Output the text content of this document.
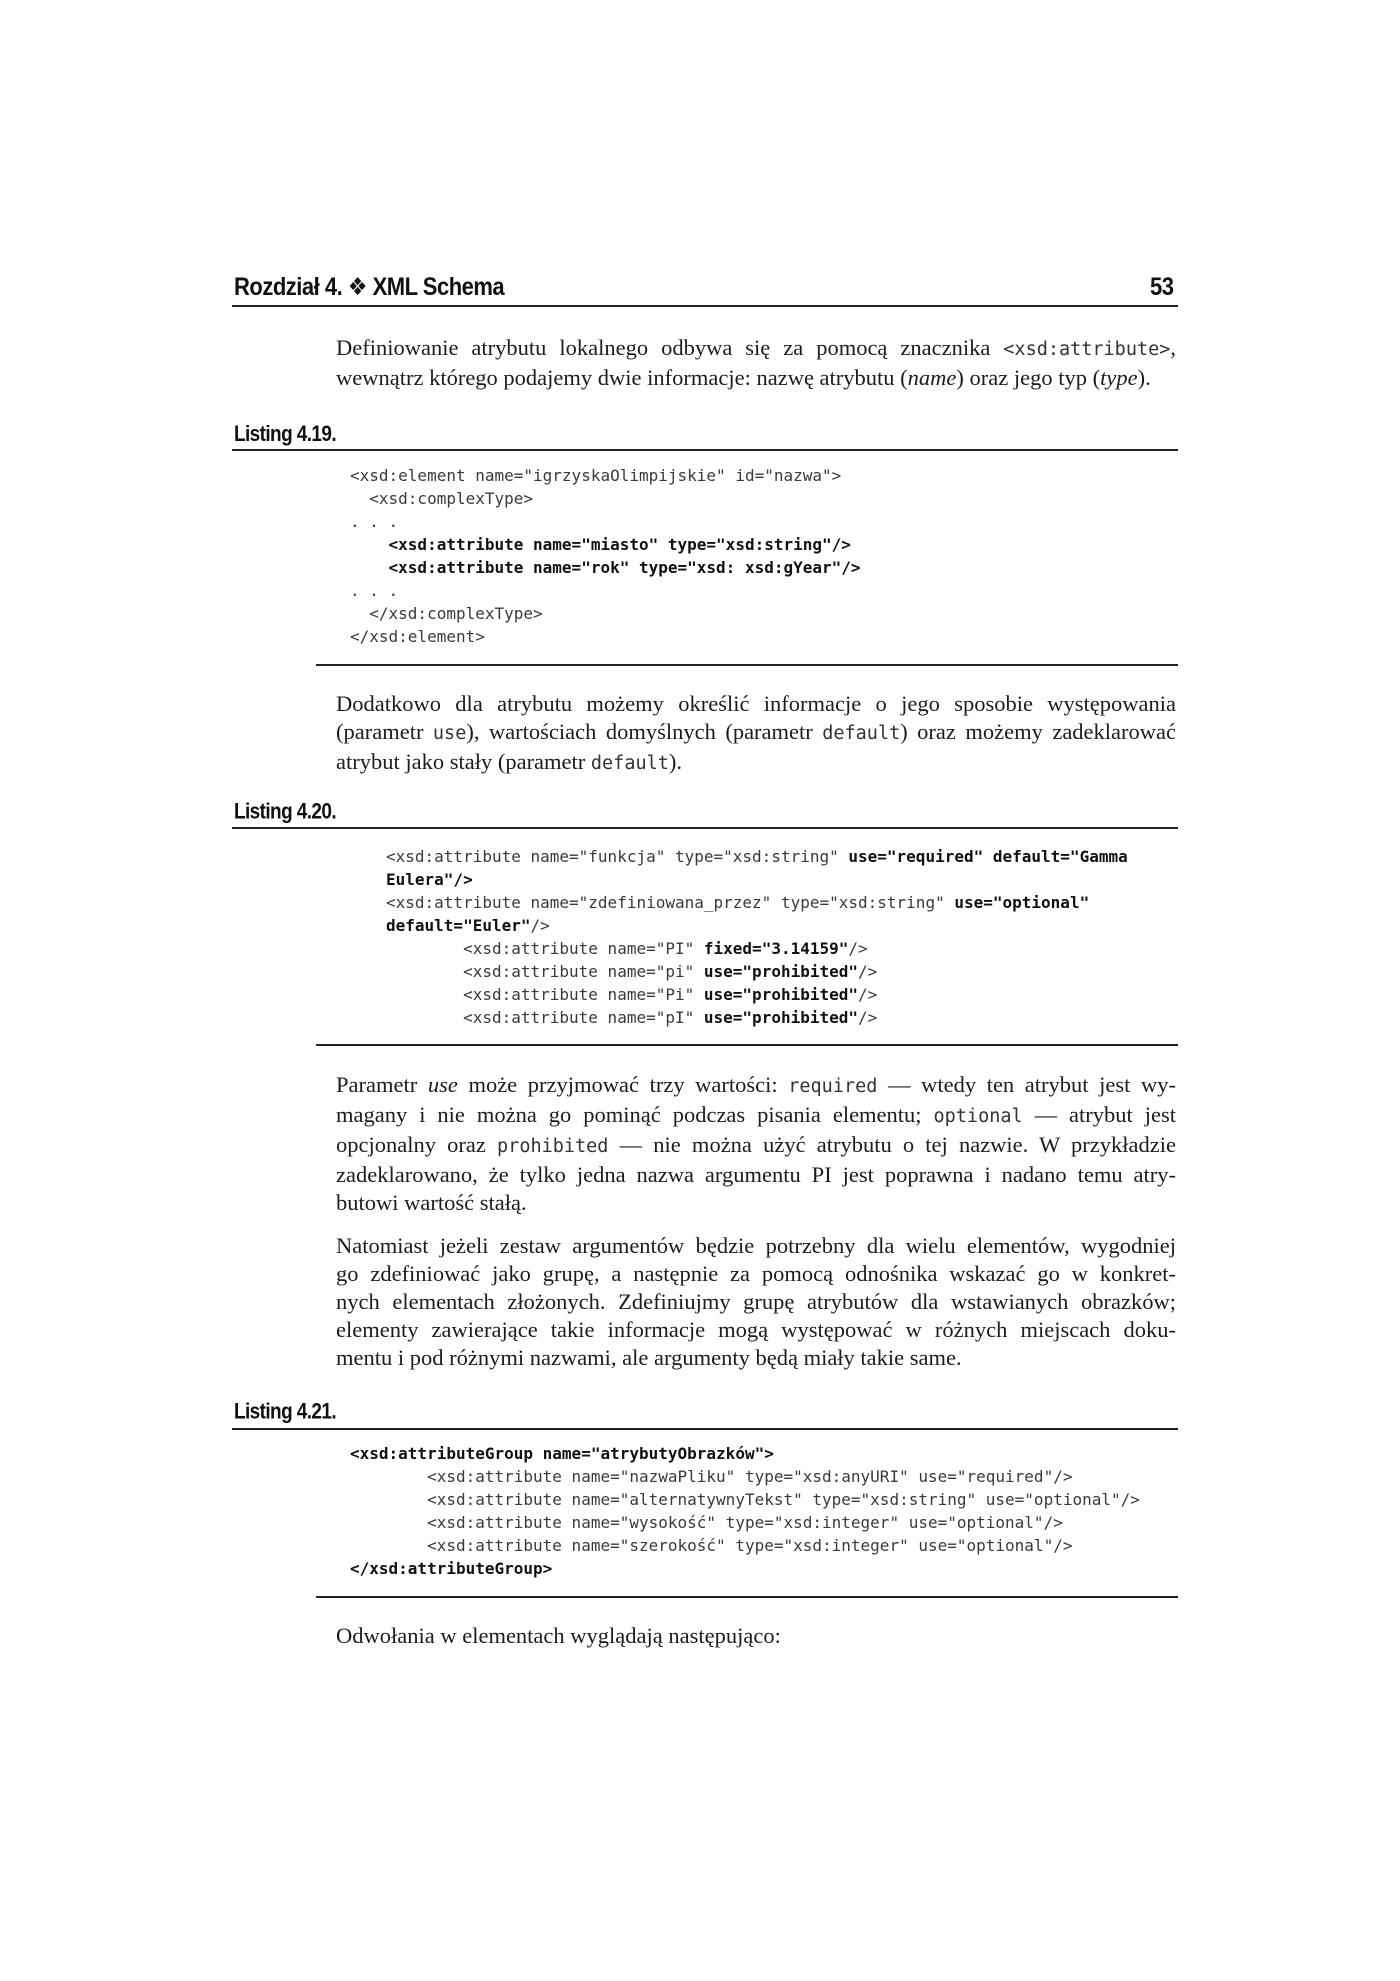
Rozdział 4. ❖ XML Schema	53

Definiowanie atrybutu lokalnego odbywa się za pomocą znacznika <xsd:attribute>,
wewnątrz którego podajemy dwie informacje: nazwę atrybutu (name) oraz jego typ (type).

Listing 4.19.
<xsd:element name="igrzyskaOlimpijskie" id="nazwa">
<xsd:complexType>
. . .
<xsd:attribute name="miasto" type="xsd:string"/>
<xsd:attribute name="rok" type="xsd: xsd:gYear"/>
. . .
</xsd:complexType>
</xsd:element>

Dodatkowo dla atrybutu możemy określić informacje o jego sposobie występowania
(parametr use), wartościach domyślnych (parametr default) oraz możemy zadeklarować
atrybut jako stały (parametr default).

Listing 4.20.
<xsd:attribute name="funkcja" type="xsd:string" use="required" default="Gamma
Eulera"/>
<xsd:attribute name="zdefiniowana_przez" type="xsd:string" use="optional"
default="Euler"/>
<xsd:attribute name="PI" fixed="3.14159"/>
<xsd:attribute name="pi" use="prohibited"/>
<xsd:attribute name="Pi" use="prohibited"/>
<xsd:attribute name="pI" use="prohibited"/>

Parametr use może przyjmować trzy wartości: required — wtedy ten atrybut jest wy-
magany i nie można go pominąć podczas pisania elementu; optional — atrybut jest
opcjonalny oraz prohibited — nie można użyć atrybutu o tej nazwie. W przykładzie
zadeklarowano, że tylko jedna nazwa argumentu PI jest poprawna i nadano temu atry-
butowi wartość stałą.

Natomiast jeżeli zestaw argumentów będzie potrzebny dla wielu elementów, wygodniej
go zdefiniować jako grupę, a następnie za pomocą odnośnika wskazać go w konkret-
nych elementach złożonych. Zdefiniujmy grupę atrybutów dla wstawianych obrazków;
elementy zawierające takie informacje mogą występować w różnych miejscach doku-
mentu i pod różnymi nazwami, ale argumenty będą miały takie same.

Listing 4.21.
<xsd:attributeGroup name="atrybutyObrazków">
<xsd:attribute name="nazwaPliku" type="xsd:anyURI" use="required"/>
<xsd:attribute name="alternatywnyTekst" type="xsd:string" use="optional"/>
<xsd:attribute name="wysokość" type="xsd:integer" use="optional"/>
<xsd:attribute name="szerokość" type="xsd:integer" use="optional"/>
</xsd:attributeGroup>

Odwołania w elementach wyglądają następująco:
